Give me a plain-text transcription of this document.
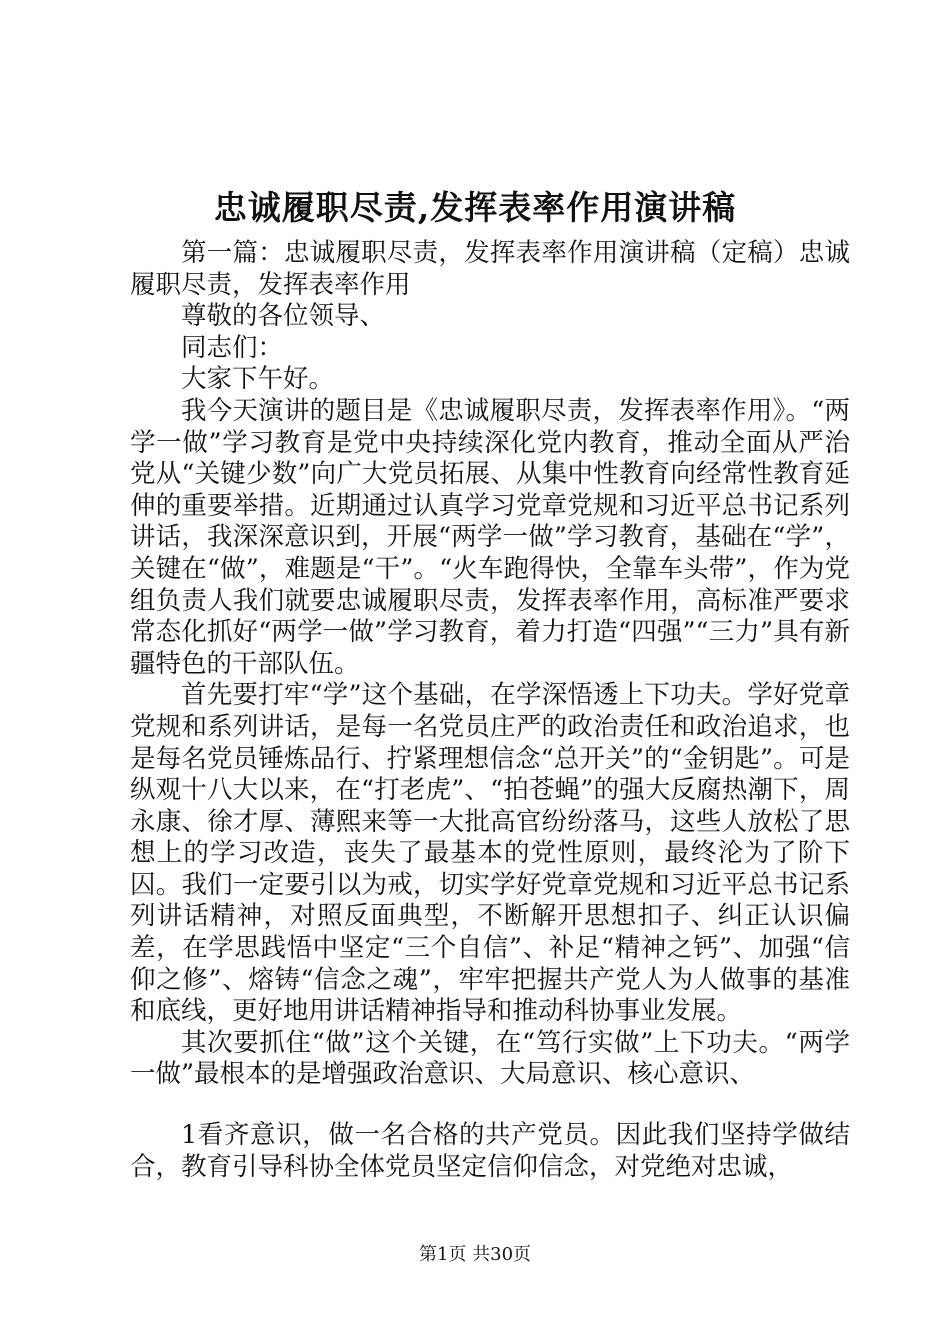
忠诚履职尽责,发挥表率作用演讲稿

第一篇：忠诚履职尽责，发挥表率作用演讲稿（定稿）忠诚履职尽责，发挥表率作用

尊敬的各位领导、

同志们：

大家下午好。

我今天演讲的题目是《忠诚履职尽责，发挥表率作用》。“两学一做”学习教育是党中央持续深化党内教育，推动全面从严治党从“关键少数”向广大党员拓展、从集中性教育向经常性教育延伸的重要举措。近期通过认真学习党章党规和习近平总书记系列讲话，我深深意识到，开展“两学一做”学习教育，基础在“学”，关键在“做”，难题是“干”。“火车跑得快，全靠车头带”，作为党组负责人我们就要忠诚履职尽责，发挥表率作用，高标准严要求常态化抓好“两学一做”学习教育，着力打造“四强”“三力”具有新疆特色的干部队伍。

首先要打牢“学”这个基础，在学深悟透上下功夫。学好党章党规和系列讲话，是每一名党员庄严的政治责任和政治追求，也是每名党员锤炼品行、拧紧理想信念“总开关”的“金钥匙”。可是纵观十八大以来，在“打老虎”、“拍苍蝇”的强大反腐热潮下，周永康、徐才厚、薄熙来等一大批高官纷纷落马，这些人放松了思想上的学习改造，丧失了最基本的党性原则，最终沦为了阶下囚。我们一定要引以为戒，切实学好党章党规和习近平总书记系列讲话精神，对照反面典型，不断解开思想扣子、纠正认识偏差，在学思践悟中坚定“三个自信”、补足“精神之钙”、加强“信仰之修”、熔铸“信念之魂”，牢牢把握共产党人为人做事的基准和底线，更好地用讲话精神指导和推动科协事业发展。

其次要抓住“做”这个关键，在“笃行实做”上下功夫。“两学一做”最根本的是增强政治意识、大局意识、核心意识、

1看齐意识，做一名合格的共产党员。因此我们坚持学做结合，教育引导科协全体党员坚定信仰信念，对党绝对忠诚，

第1页 共30页
